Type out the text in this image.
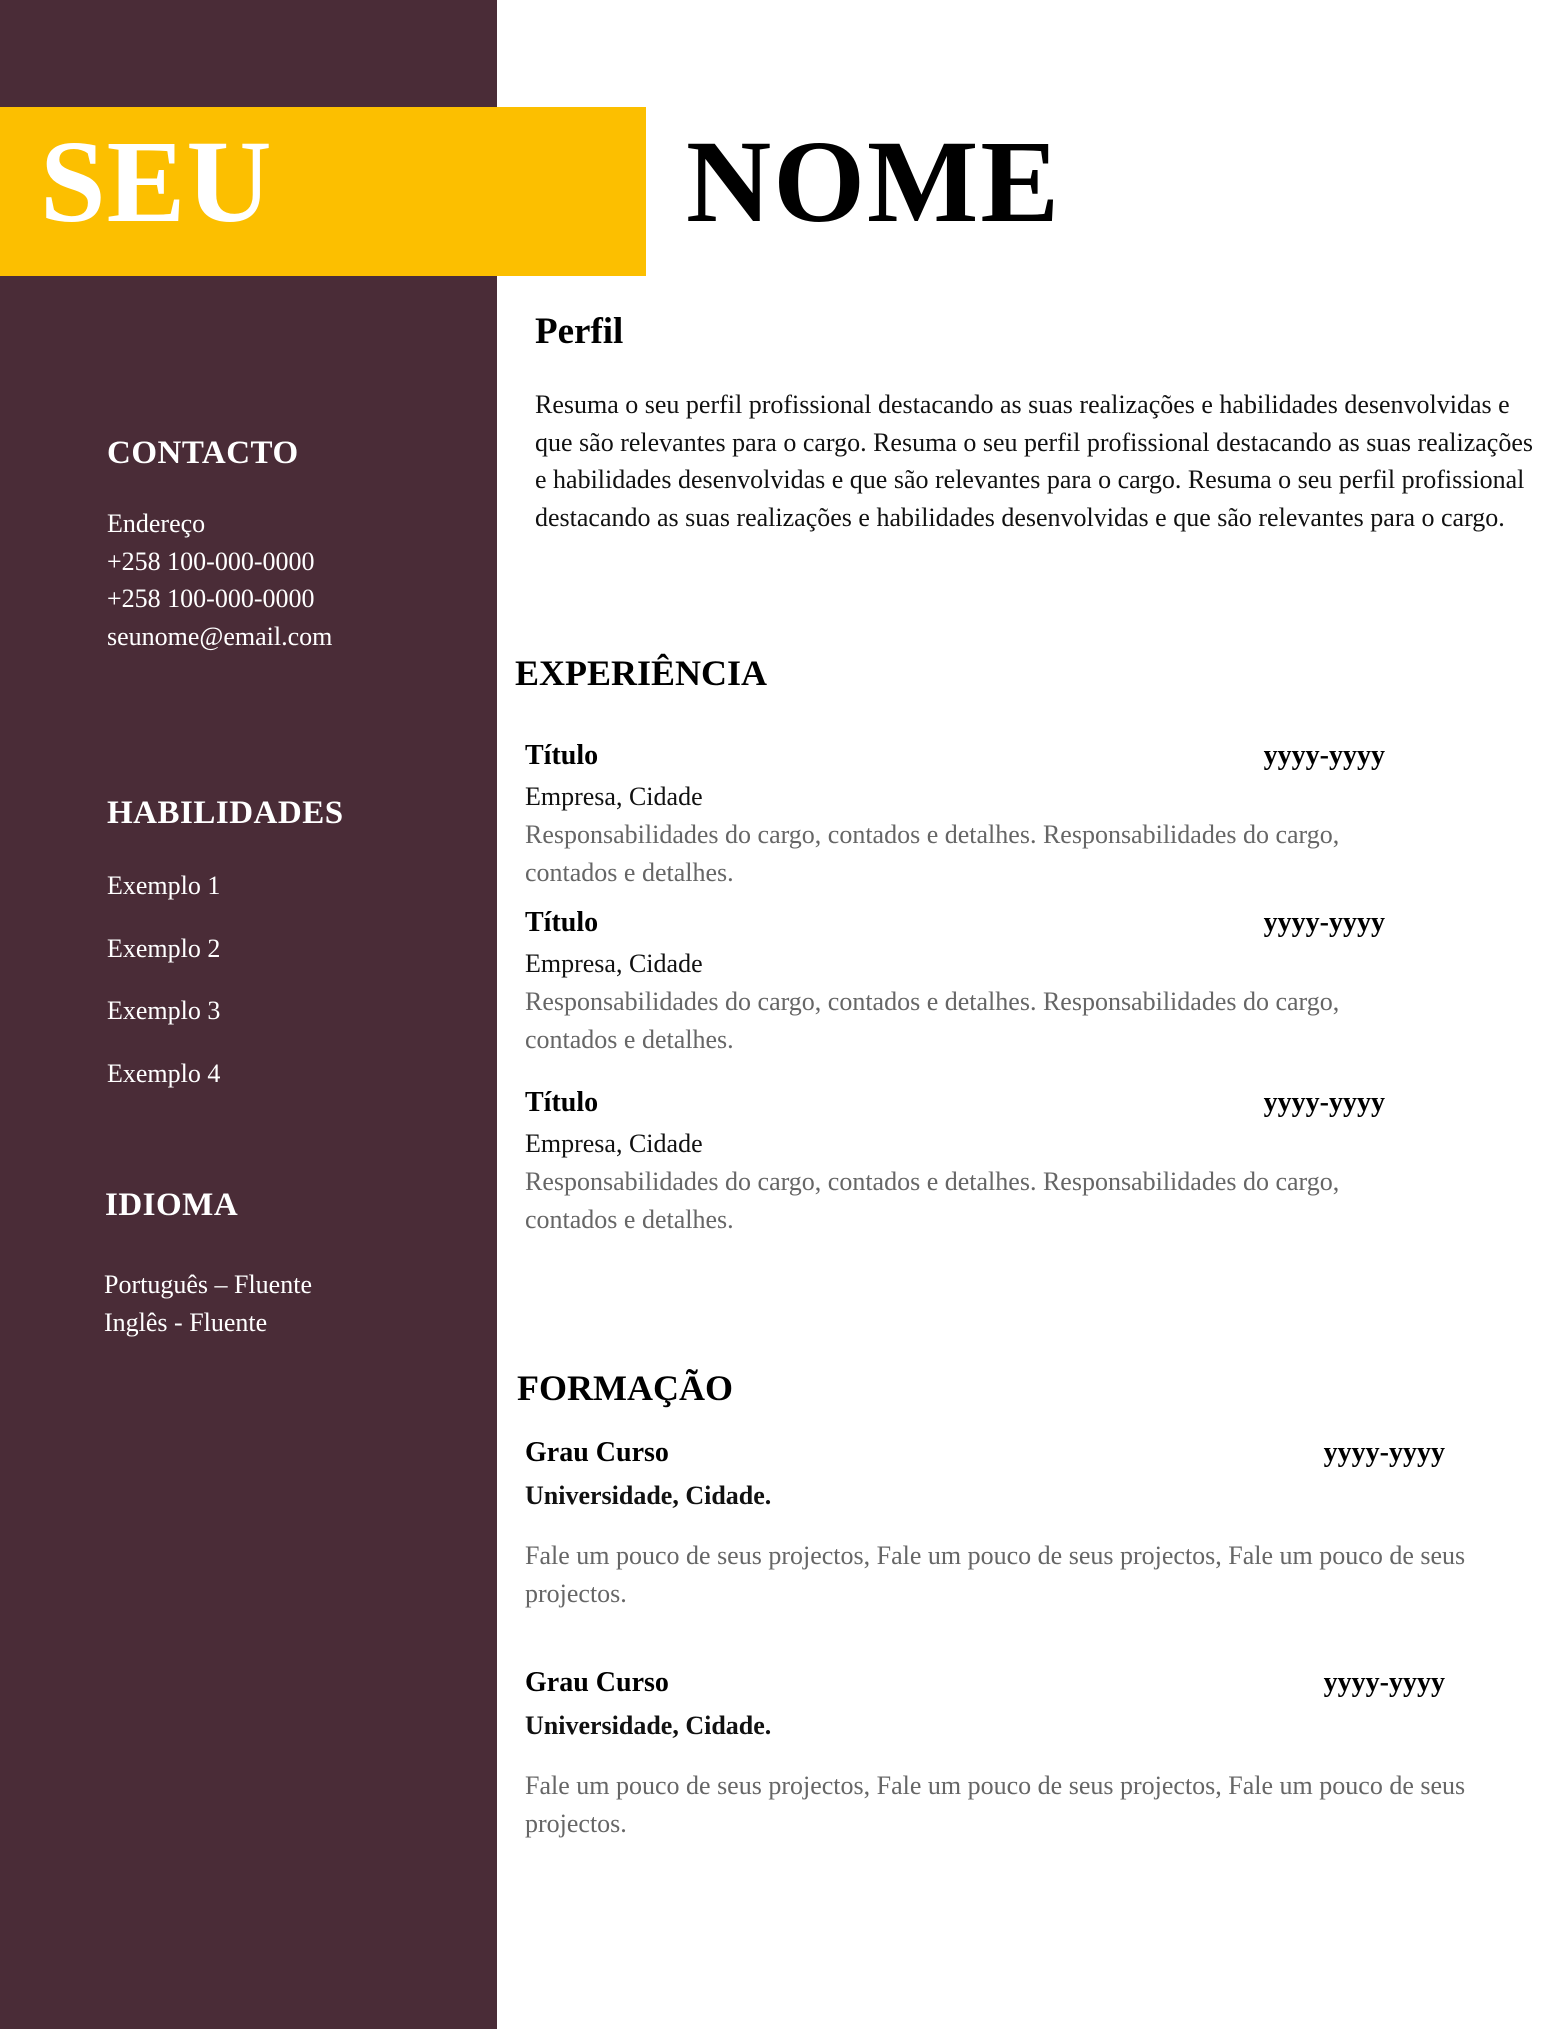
SEU	NOME
CONTACTO
Endereço
+258 100-000-0000
+258 100-000-0000
seunome@email.com
HABILIDADES
Exemplo 1
Exemplo 2
Exemplo 3
Exemplo 4
IDIOMA
Português – Fluente
Inglês - Fluente
Perfil
Resuma o seu perfil profissional destacando as suas realizações e habilidades desenvolvidas e que são relevantes para o cargo. Resuma o seu perfil profissional destacando as suas realizações e habilidades desenvolvidas e que são relevantes para o cargo. Resuma o seu perfil profissional destacando as suas realizações e habilidades desenvolvidas e que são relevantes para o cargo.
EXPERIÊNCIA
Título	yyyy-yyyy
Empresa, Cidade
Responsabilidades do cargo, contados e detalhes. Responsabilidades do cargo, contados e detalhes.
Título	yyyy-yyyy
Empresa, Cidade
Responsabilidades do cargo, contados e detalhes. Responsabilidades do cargo, contados e detalhes.
Título	yyyy-yyyy
Empresa, Cidade
Responsabilidades do cargo, contados e detalhes. Responsabilidades do cargo, contados e detalhes.
FORMAÇÃO
Grau Curso	yyyy-yyyy
Universidade, Cidade.
Fale um pouco de seus projectos, Fale um pouco de seus projectos, Fale um pouco de seus projectos.
Grau Curso	yyyy-yyyy
Universidade, Cidade.
Fale um pouco de seus projectos, Fale um pouco de seus projectos, Fale um pouco de seus projectos.
